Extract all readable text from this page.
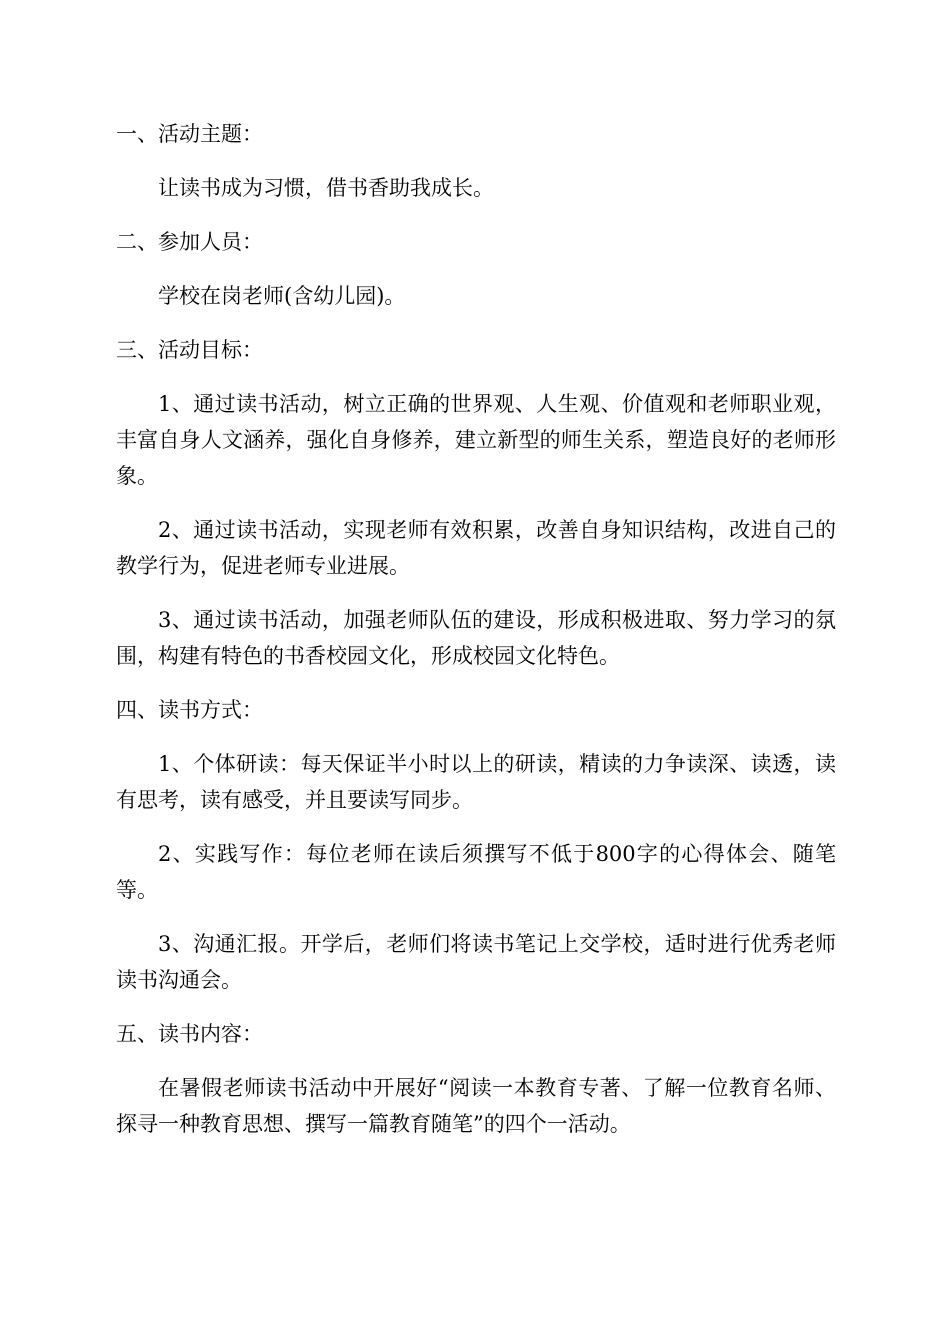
一、活动主题：

让读书成为习惯，借书香助我成长。

二、参加人员：

学校在岗老师(含幼儿园)。

三、活动目标：

1、通过读书活动，树立正确的世界观、人生观、价值观和老师职业观，丰富自身人文涵养，强化自身修养，建立新型的师生关系，塑造良好的老师形象。

2、通过读书活动，实现老师有效积累，改善自身知识结构，改进自己的教学行为，促进老师专业进展。

3、通过读书活动，加强老师队伍的建设，形成积极进取、努力学习的氛围，构建有特色的书香校园文化，形成校园文化特色。

四、读书方式：

1、个体研读：每天保证半小时以上的研读，精读的力争读深、读透，读有思考，读有感受，并且要读写同步。

2、实践写作：每位老师在读后须撰写不低于800字的心得体会、随笔等。

3、沟通汇报。开学后，老师们将读书笔记上交学校，适时进行优秀老师读书沟通会。

五、读书内容：

在暑假老师读书活动中开展好“阅读一本教育专著、了解一位教育名师、探寻一种教育思想、撰写一篇教育随笔”的四个一活动。
